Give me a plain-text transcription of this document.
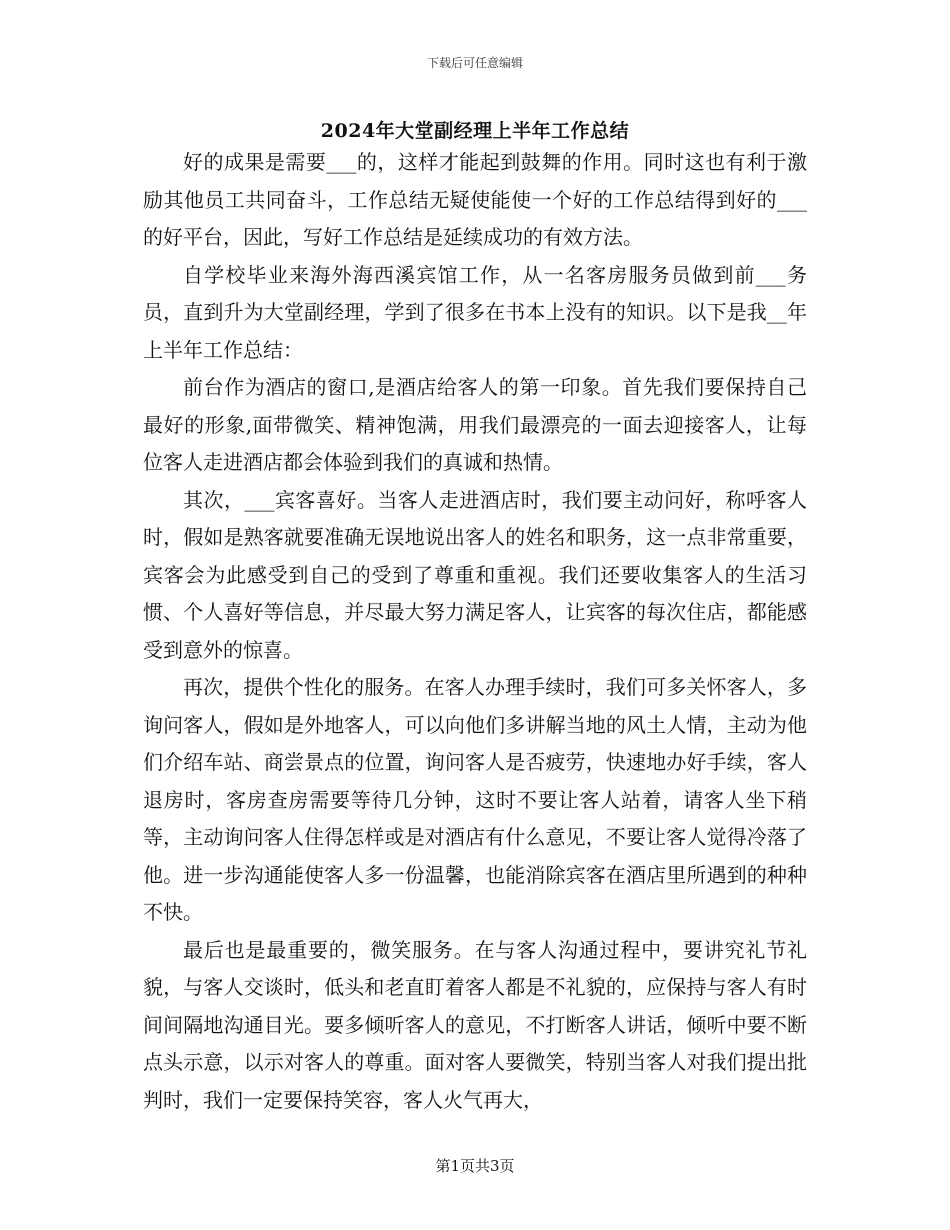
下载后可任意编辑
2024年大堂副经理上半年工作总结

好的成果是需要___的，这样才能起到鼓舞的作用。同时这也有利于激励其他员工共同奋斗，工作总结无疑使能使一个好的工作总结得到好的___的好平台，因此，写好工作总结是延续成功的有效方法。

自学校毕业来海外海西溪宾馆工作，从一名客房服务员做到前___务员，直到升为大堂副经理，学到了很多在书本上没有的知识。以下是我__年上半年工作总结：

前台作为酒店的窗口,是酒店给客人的第一印象。首先我们要保持自己最好的形象,面带微笑、精神饱满，用我们最漂亮的一面去迎接客人，让每位客人走进酒店都会体验到我们的真诚和热情。

其次，___宾客喜好。当客人走进酒店时，我们要主动问好，称呼客人时，假如是熟客就要准确无误地说出客人的姓名和职务，这一点非常重要，宾客会为此感受到自己的受到了尊重和重视。我们还要收集客人的生活习惯、个人喜好等信息，并尽最大努力满足客人，让宾客的每次住店，都能感受到意外的惊喜。

再次，提供个性化的服务。在客人办理手续时，我们可多关怀客人，多询问客人，假如是外地客人，可以向他们多讲解当地的风土人情，主动为他们介绍车站、商尝景点的位置，询问客人是否疲劳，快速地办好手续，客人退房时，客房查房需要等待几分钟，这时不要让客人站着，请客人坐下稍等，主动询问客人住得怎样或是对酒店有什么意见，不要让客人觉得冷落了他。进一步沟通能使客人多一份温馨，也能消除宾客在酒店里所遇到的种种不快。

最后也是最重要的，微笑服务。在与客人沟通过程中，要讲究礼节礼貌，与客人交谈时，低头和老直盯着客人都是不礼貌的，应保持与客人有时间间隔地沟通目光。要多倾听客人的意见，不打断客人讲话，倾听中要不断点头示意，以示对客人的尊重。面对客人要微笑，特别当客人对我们提出批判时，我们一定要保持笑容，客人火气再大，

第1页共3页
